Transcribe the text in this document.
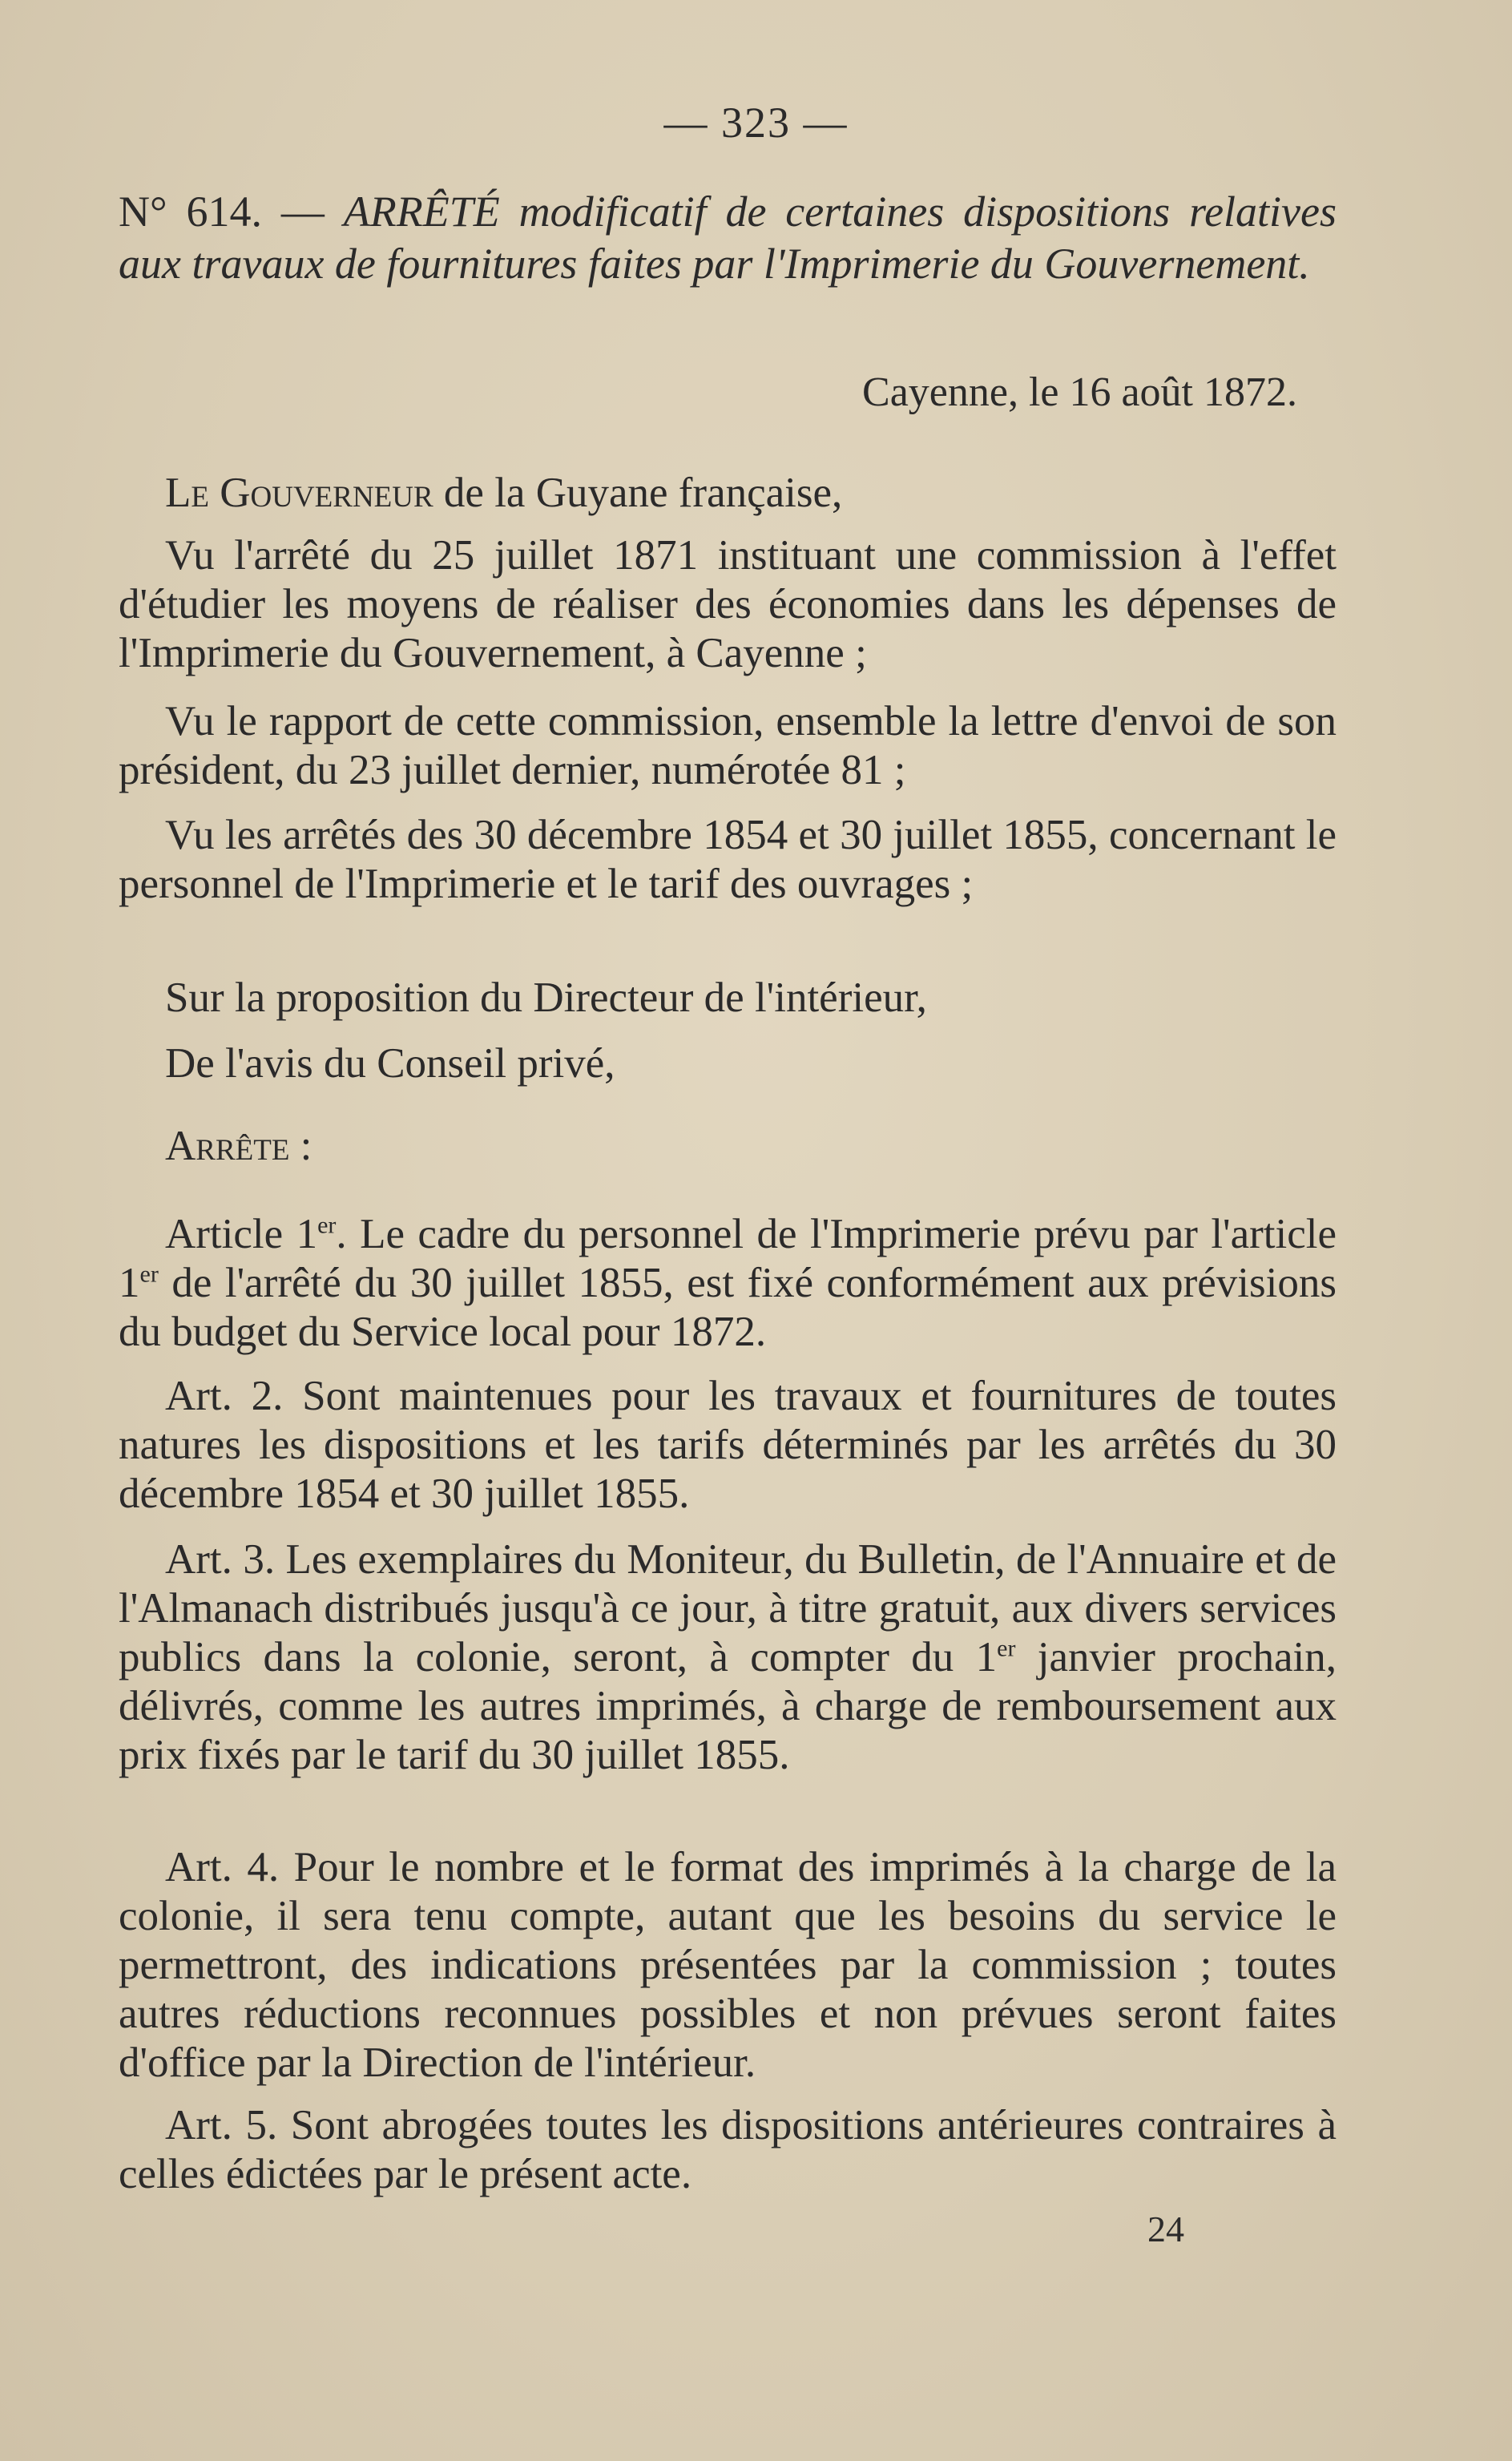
— 323 —
N° 614. — ARRÊTÉ modificatif de certaines dispositions relatives aux travaux de fournitures faites par l'Imprimerie du Gouvernement.
Cayenne, le 16 août 1872.
Le Gouverneur de la Guyane française,
Vu l'arrêté du 25 juillet 1871 instituant une commission à l'effet d'étudier les moyens de réaliser des économies dans les dépenses de l'Imprimerie du Gouvernement, à Cayenne ;
Vu le rapport de cette commission, ensemble la lettre d'envoi de son président, du 23 juillet dernier, numérotée 81 ;
Vu les arrêtés des 30 décembre 1854 et 30 juillet 1855, concernant le personnel de l'Imprimerie et le tarif des ouvrages ;
Sur la proposition du Directeur de l'intérieur,
De l'avis du Conseil privé,
Arrête :
Article 1er. Le cadre du personnel de l'Imprimerie prévu par l'article 1er de l'arrêté du 30 juillet 1855, est fixé conformément aux prévisions du budget du Service local pour 1872.
Art. 2. Sont maintenues pour les travaux et fournitures de toutes natures les dispositions et les tarifs déterminés par les arrêtés du 30 décembre 1854 et 30 juillet 1855.
Art. 3. Les exemplaires du Moniteur, du Bulletin, de l'Annuaire et de l'Almanach distribués jusqu'à ce jour, à titre gratuit, aux divers services publics dans la colonie, seront, à compter du 1er janvier prochain, délivrés, comme les autres imprimés, à charge de remboursement aux prix fixés par le tarif du 30 juillet 1855.
Art. 4. Pour le nombre et le format des imprimés à la charge de la colonie, il sera tenu compte, autant que les besoins du service le permettront, des indications présentées par la commission ; toutes autres réductions reconnues possibles et non prévues seront faites d'office par la Direction de l'intérieur.
Art. 5. Sont abrogées toutes les dispositions antérieures contraires à celles édictées par le présent acte.
24
